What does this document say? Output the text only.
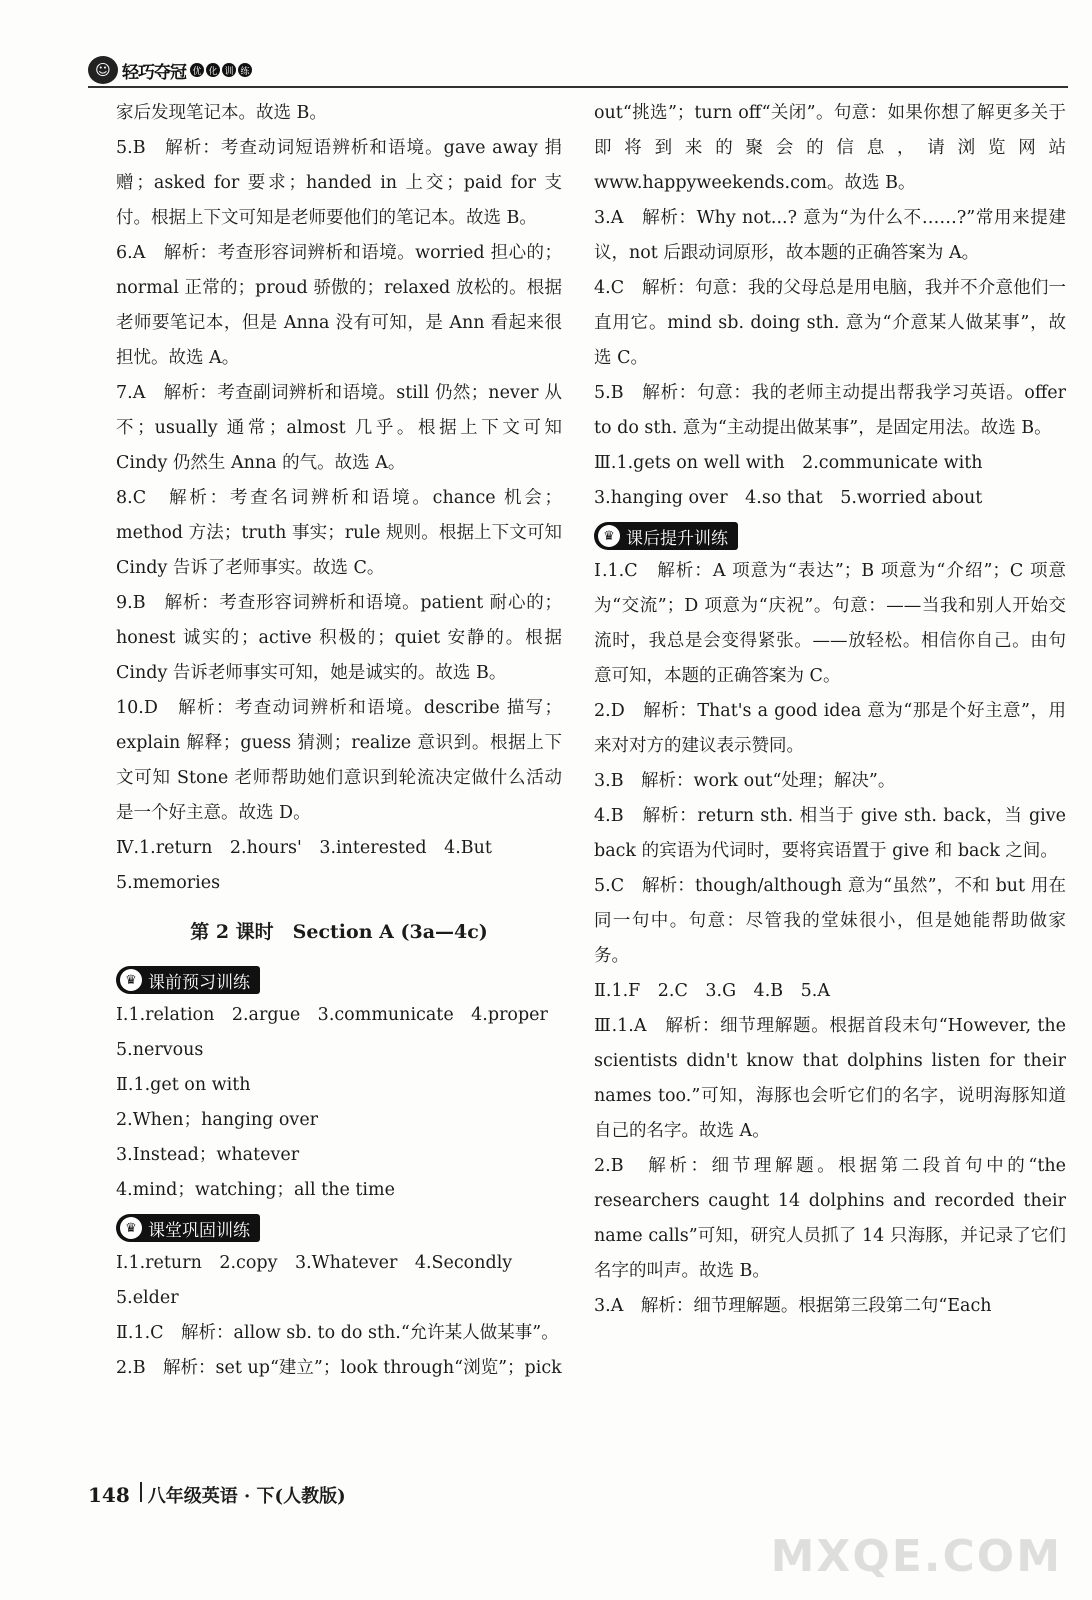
☺ 轻巧夺冠 优 化 训 练

家后发现笔记本。故选 B。

5.B　解析：考查动词短语辨析和语境。gave away 捐赠；asked for 要求；handed in 上交；paid for 支付。根据上下文可知是老师要他们的笔记本。故选 B。

6.A　解析：考查形容词辨析和语境。worried 担心的；normal 正常的；proud 骄傲的；relaxed 放松的。根据老师要笔记本，但是 Anna 没有可知，是 Ann 看起来很担忧。故选 A。

7.A　解析：考查副词辨析和语境。still 仍然；never 从不；usually 通常；almost 几乎。根据上下文可知 Cindy 仍然生 Anna 的气。故选 A。

8.C　解析：考查名词辨析和语境。chance 机会；method 方法；truth 事实；rule 规则。根据上下文可知 Cindy 告诉了老师事实。故选 C。

9.B　解析：考查形容词辨析和语境。patient 耐心的；honest 诚实的；active 积极的；quiet 安静的。根据 Cindy 告诉老师事实可知，她是诚实的。故选 B。

10.D　解析：考查动词辨析和语境。describe 描写；explain 解释；guess 猜测；realize 意识到。根据上下文可知 Stone 老师帮助她们意识到轮流决定做什么活动是一个好主意。故选 D。

Ⅳ.1.return　2.hours'　3.interested　4.But

5.memories

第 2 课时　Section A (3a—4c)
♛ 课前预习训练

Ⅰ.1.relation　2.argue　3.communicate　4.proper

5.nervous

Ⅱ.1.get on with

2.When；hanging over

3.Instead；whatever

4.mind；watching；all the time

♛ 课堂巩固训练

Ⅰ.1.return　2.copy　3.Whatever　4.Secondly

5.elder

Ⅱ.1.C　解析：allow sb. to do sth.“允许某人做某事”。

2.B　解析：set up“建立”；look through“浏览”；pick

out“挑选”；turn off“关闭”。句意：如果你想了解更多关于即将到来的聚会的信息，请浏览网站 www.happyweekends.com。故选 B。

3.A　解析：Why not...? 意为“为什么不……?”常用来提建议，not 后跟动词原形，故本题的正确答案为 A。

4.C　解析：句意：我的父母总是用电脑，我并不介意他们一直用它。mind sb. doing sth. 意为“介意某人做某事”，故选 C。

5.B　解析：句意：我的老师主动提出帮我学习英语。offer to do sth. 意为“主动提出做某事”，是固定用法。故选 B。

Ⅲ.1.gets on well with　2.communicate with

3.hanging over　4.so that　5.worried about

♛ 课后提升训练

Ⅰ.1.C　解析：A 项意为“表达”；B 项意为“介绍”；C 项意为“交流”；D 项意为“庆祝”。句意：——当我和别人开始交流时，我总是会变得紧张。——放轻松。相信你自己。由句意可知，本题的正确答案为 C。

2.D　解析：That's a good idea 意为“那是个好主意”，用来对对方的建议表示赞同。

3.B　解析：work out“处理；解决”。

4.B　解析：return sth. 相当于 give sth. back，当 give back 的宾语为代词时，要将宾语置于 give 和 back 之间。

5.C　解析：though/although 意为“虽然”，不和 but 用在同一句中。句意：尽管我的堂妹很小，但是她能帮助做家务。

Ⅱ.1.F　2.C　3.G　4.B　5.A

Ⅲ.1.A　解析：细节理解题。根据首段末句“However, the scientists didn't know that dolphins listen for their names too.”可知，海豚也会听它们的名字，说明海豚知道自己的名字。故选 A。

2.B　解析：细节理解题。根据第二段首句中的“the researchers caught 14 dolphins and recorded their name calls”可知，研究人员抓了 14 只海豚，并记录了它们名字的叫声。故选 B。

3.A　解析：细节理解题。根据第三段第二句“Each

148 八年级英语 · 下(人教版)
MXQE.COM
